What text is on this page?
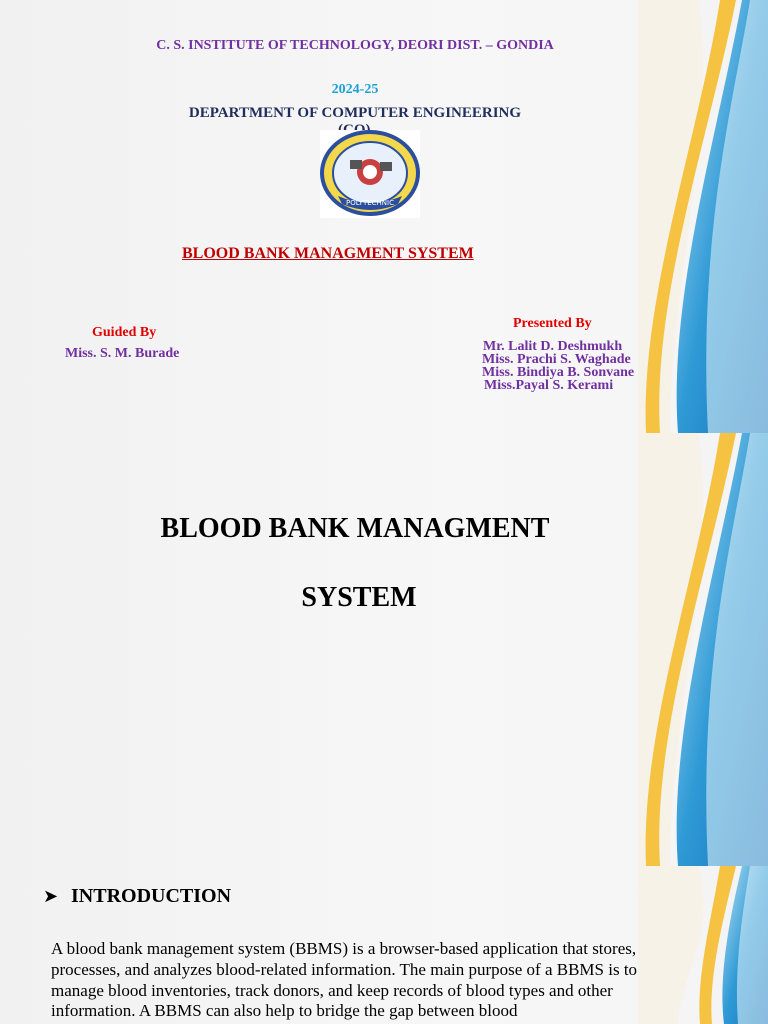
C. S. INSTITUTE OF TECHNOLOGY, DEORI DIST. – GONDIA
2024-25
DEPARTMENT OF COMPUTER ENGINEERING
POLYTECHNIC
BLOOD BANK MANAGMENT SYSTEM
Guided By
Miss. S. M. Burade
Presented By
Mr. Lalit D. Deshmukh
Miss. Prachi S. Waghade
Miss. Bindiya B. Sonvane
Miss.Payal S. Kerami
BLOOD BANK MANAGMENT
SYSTEM
➤ INTRODUCTION
A blood bank management system (BBMS) is a browser-based application that stores, processes, and analyzes blood-related information. The main purpose of a BBMS is to manage blood inventories, track donors, and keep records of blood types and other information. A BBMS can also help to bridge the gap between blood
